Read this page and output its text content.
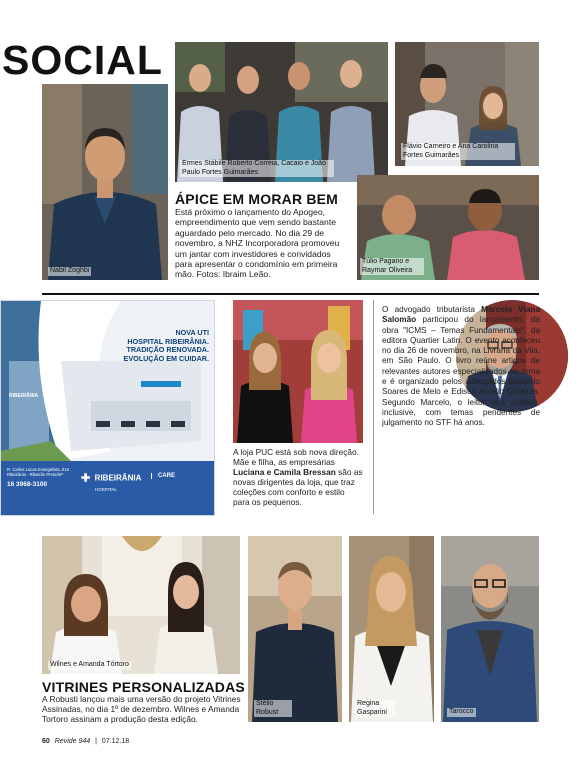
SOCIAL
Nabil Zoghbi
Ermes Stábile Roberto Correia, Cacaio e João Paulo Fortes Guimarães
Flávio Carneiro e Ana Carolina Fortes Guimarães
ÁPICE EM MORAR BEM
Está próximo o lançamento do Apogeo, empreendimento que vem sendo bastante aguardado pelo mercado. No dia 29 de novembro, a NHZ Incorporadora promoveu um jantar com investidores e convidados para apresentar o condomínio em primeira mão. Fotos: Ibraim Leão.
Túlio Pagano e Raymar Oliveira
NOVA UTI
HOSPITAL RIBEIRÂNIA.
TRADIÇÃO RENOVADA.
EVOLUÇÃO EM CUIDAR.
RIBEIRÂNIA
R. Carlos Lucas Evangelista, 915 Ribeirânia - Ribeirão Preto/SP
16 3968-3100
✚ RIBEIRÂNIA
HOSPITAL
CARE
A loja PUC está sob nova direção. Mãe e filha, as empresárias Luciana e Camila Bressan são as novas dirigentes da loja, que traz coleções com conforto e estilo para os pequenos.
O advogado tributarista Marcelo Viana Salomão participou do lançamento, da obra "ICMS – Temas Fundamentais", da editora Quartier Latin. O evento aconteceu no dia 26 de novembro, na Livraria da Vila, em São Paulo. O livro reúne artigos de relevantes autores especializados no tema e é organizado pelos advogados Eduardo Soares de Melo e Edison Aurélio Corazza. Segundo Marcelo, o leitor terá contato, inclusive, com temas pendentes de julgamento no STF há anos.
Wilnes e Amanda Tórtoro
VITRINES PERSONALIZADAS
A Robusti lançou mais uma versão do projeto Vitrines Assinadas, no dia 1º de dezembro. Wilnes e Amanda Tortoro assinam a produção desta edição.
Stélio Robust
Regina Gasparini	Tarocco
60 Revide 944 | 07.12.18
